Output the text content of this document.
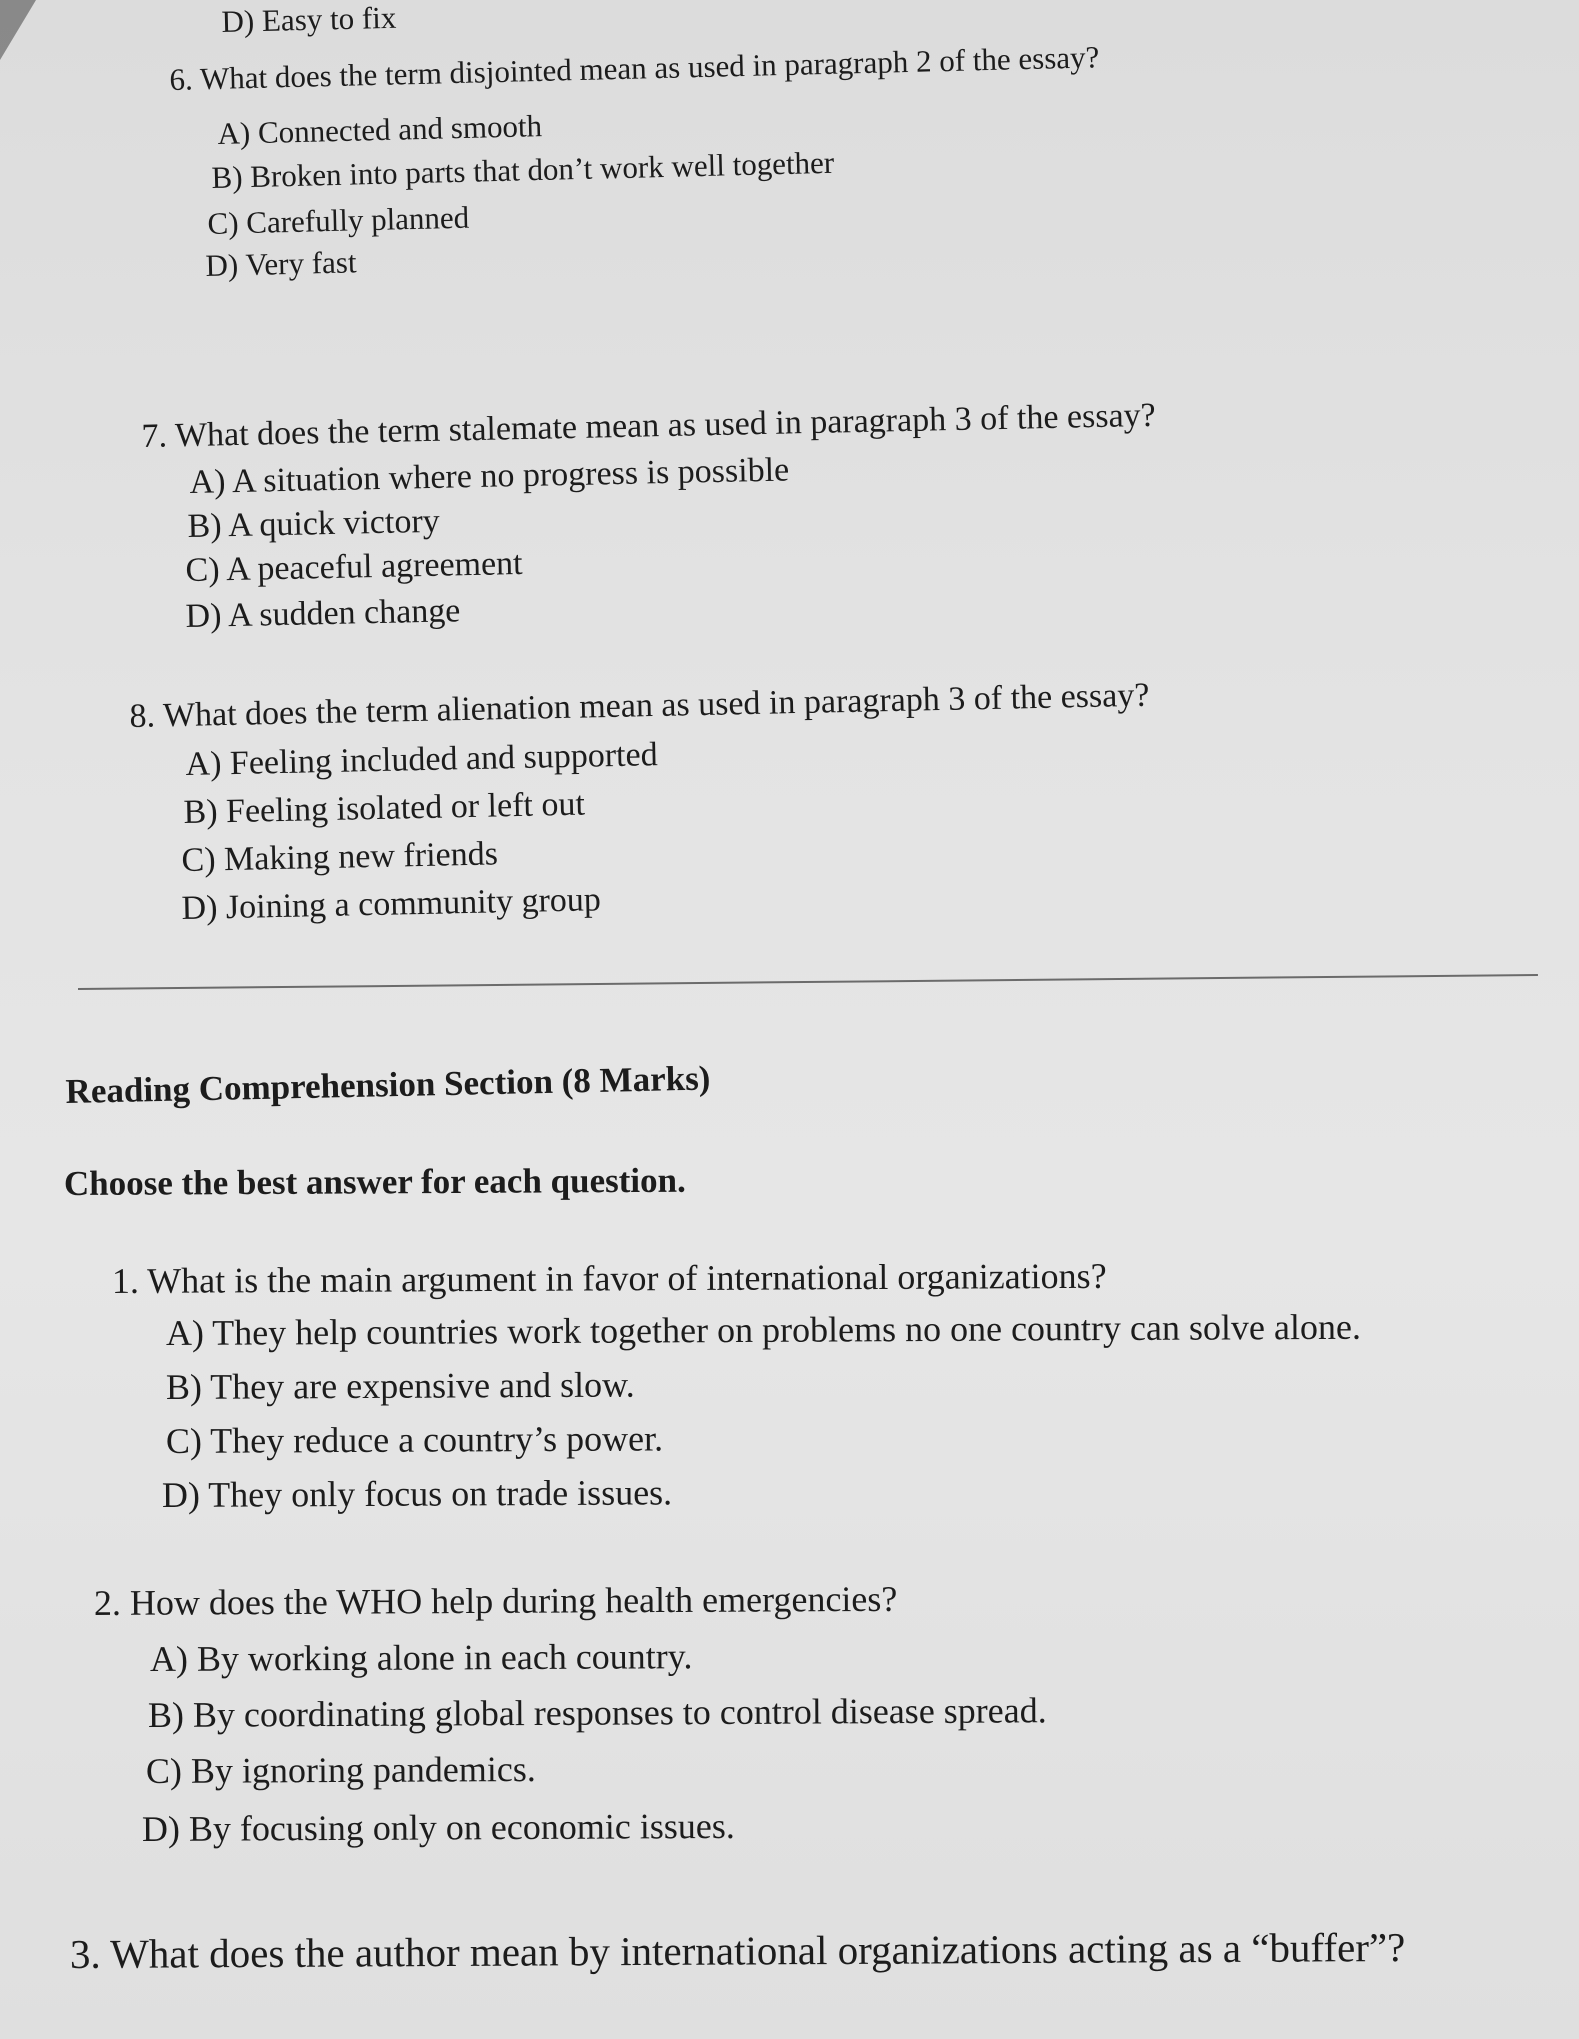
D) Easy to fix
6. What does the term disjointed mean as used in paragraph 2 of the essay?
A) Connected and smooth
B) Broken into parts that don’t work well together
C) Carefully planned
D) Very fast
7. What does the term stalemate mean as used in paragraph 3 of the essay?
A) A situation where no progress is possible
B) A quick victory
C) A peaceful agreement
D) A sudden change
8. What does the term alienation mean as used in paragraph 3 of the essay?
A) Feeling included and supported
B) Feeling isolated or left out
C) Making new friends
D) Joining a community group
Reading Comprehension Section (8 Marks)
Choose the best answer for each question.
1. What is the main argument in favor of international organizations?
A) They help countries work together on problems no one country can solve alone.
B) They are expensive and slow.
C) They reduce a country’s power.
D) They only focus on trade issues.
2. How does the WHO help during health emergencies?
A) By working alone in each country.
B) By coordinating global responses to control disease spread.
C) By ignoring pandemics.
D) By focusing only on economic issues.
3. What does the author mean by international organizations acting as a “buffer”?
